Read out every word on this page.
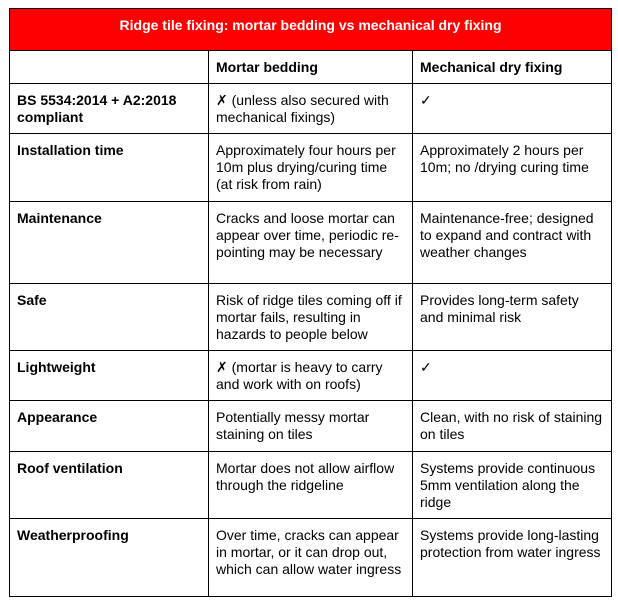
Ridge tile fixing: mortar bedding vs mechanical dry fixing		
	Mortar bedding	Mechanical dry fixing
BS 5534:2014 + A2:2018 compliant	✗ (unless also secured with mechanical fixings)	✓
Installation time	Approximately four hours per 10m plus drying/curing time (at risk from rain)	Approximately 2 hours per 10m; no /drying curing time
Maintenance	Cracks and loose mortar can appear over time, periodic re-pointing may be necessary	Maintenance-free; designed to expand and contract with weather changes
Safe	Risk of ridge tiles coming off if mortar fails, resulting in hazards to people below	Provides long-term safety and minimal risk
Lightweight	✗ (mortar is heavy to carry and work with on roofs)	✓
Appearance	Potentially messy mortar staining on tiles	Clean, with no risk of staining on tiles
Roof ventilation	Mortar does not allow airflow through the ridgeline	Systems provide continuous 5mm ventilation along the ridge
Weatherproofing	Over time, cracks can appear in mortar, or it can drop out, which can allow water ingress	Systems provide long-lasting protection from water ingress
